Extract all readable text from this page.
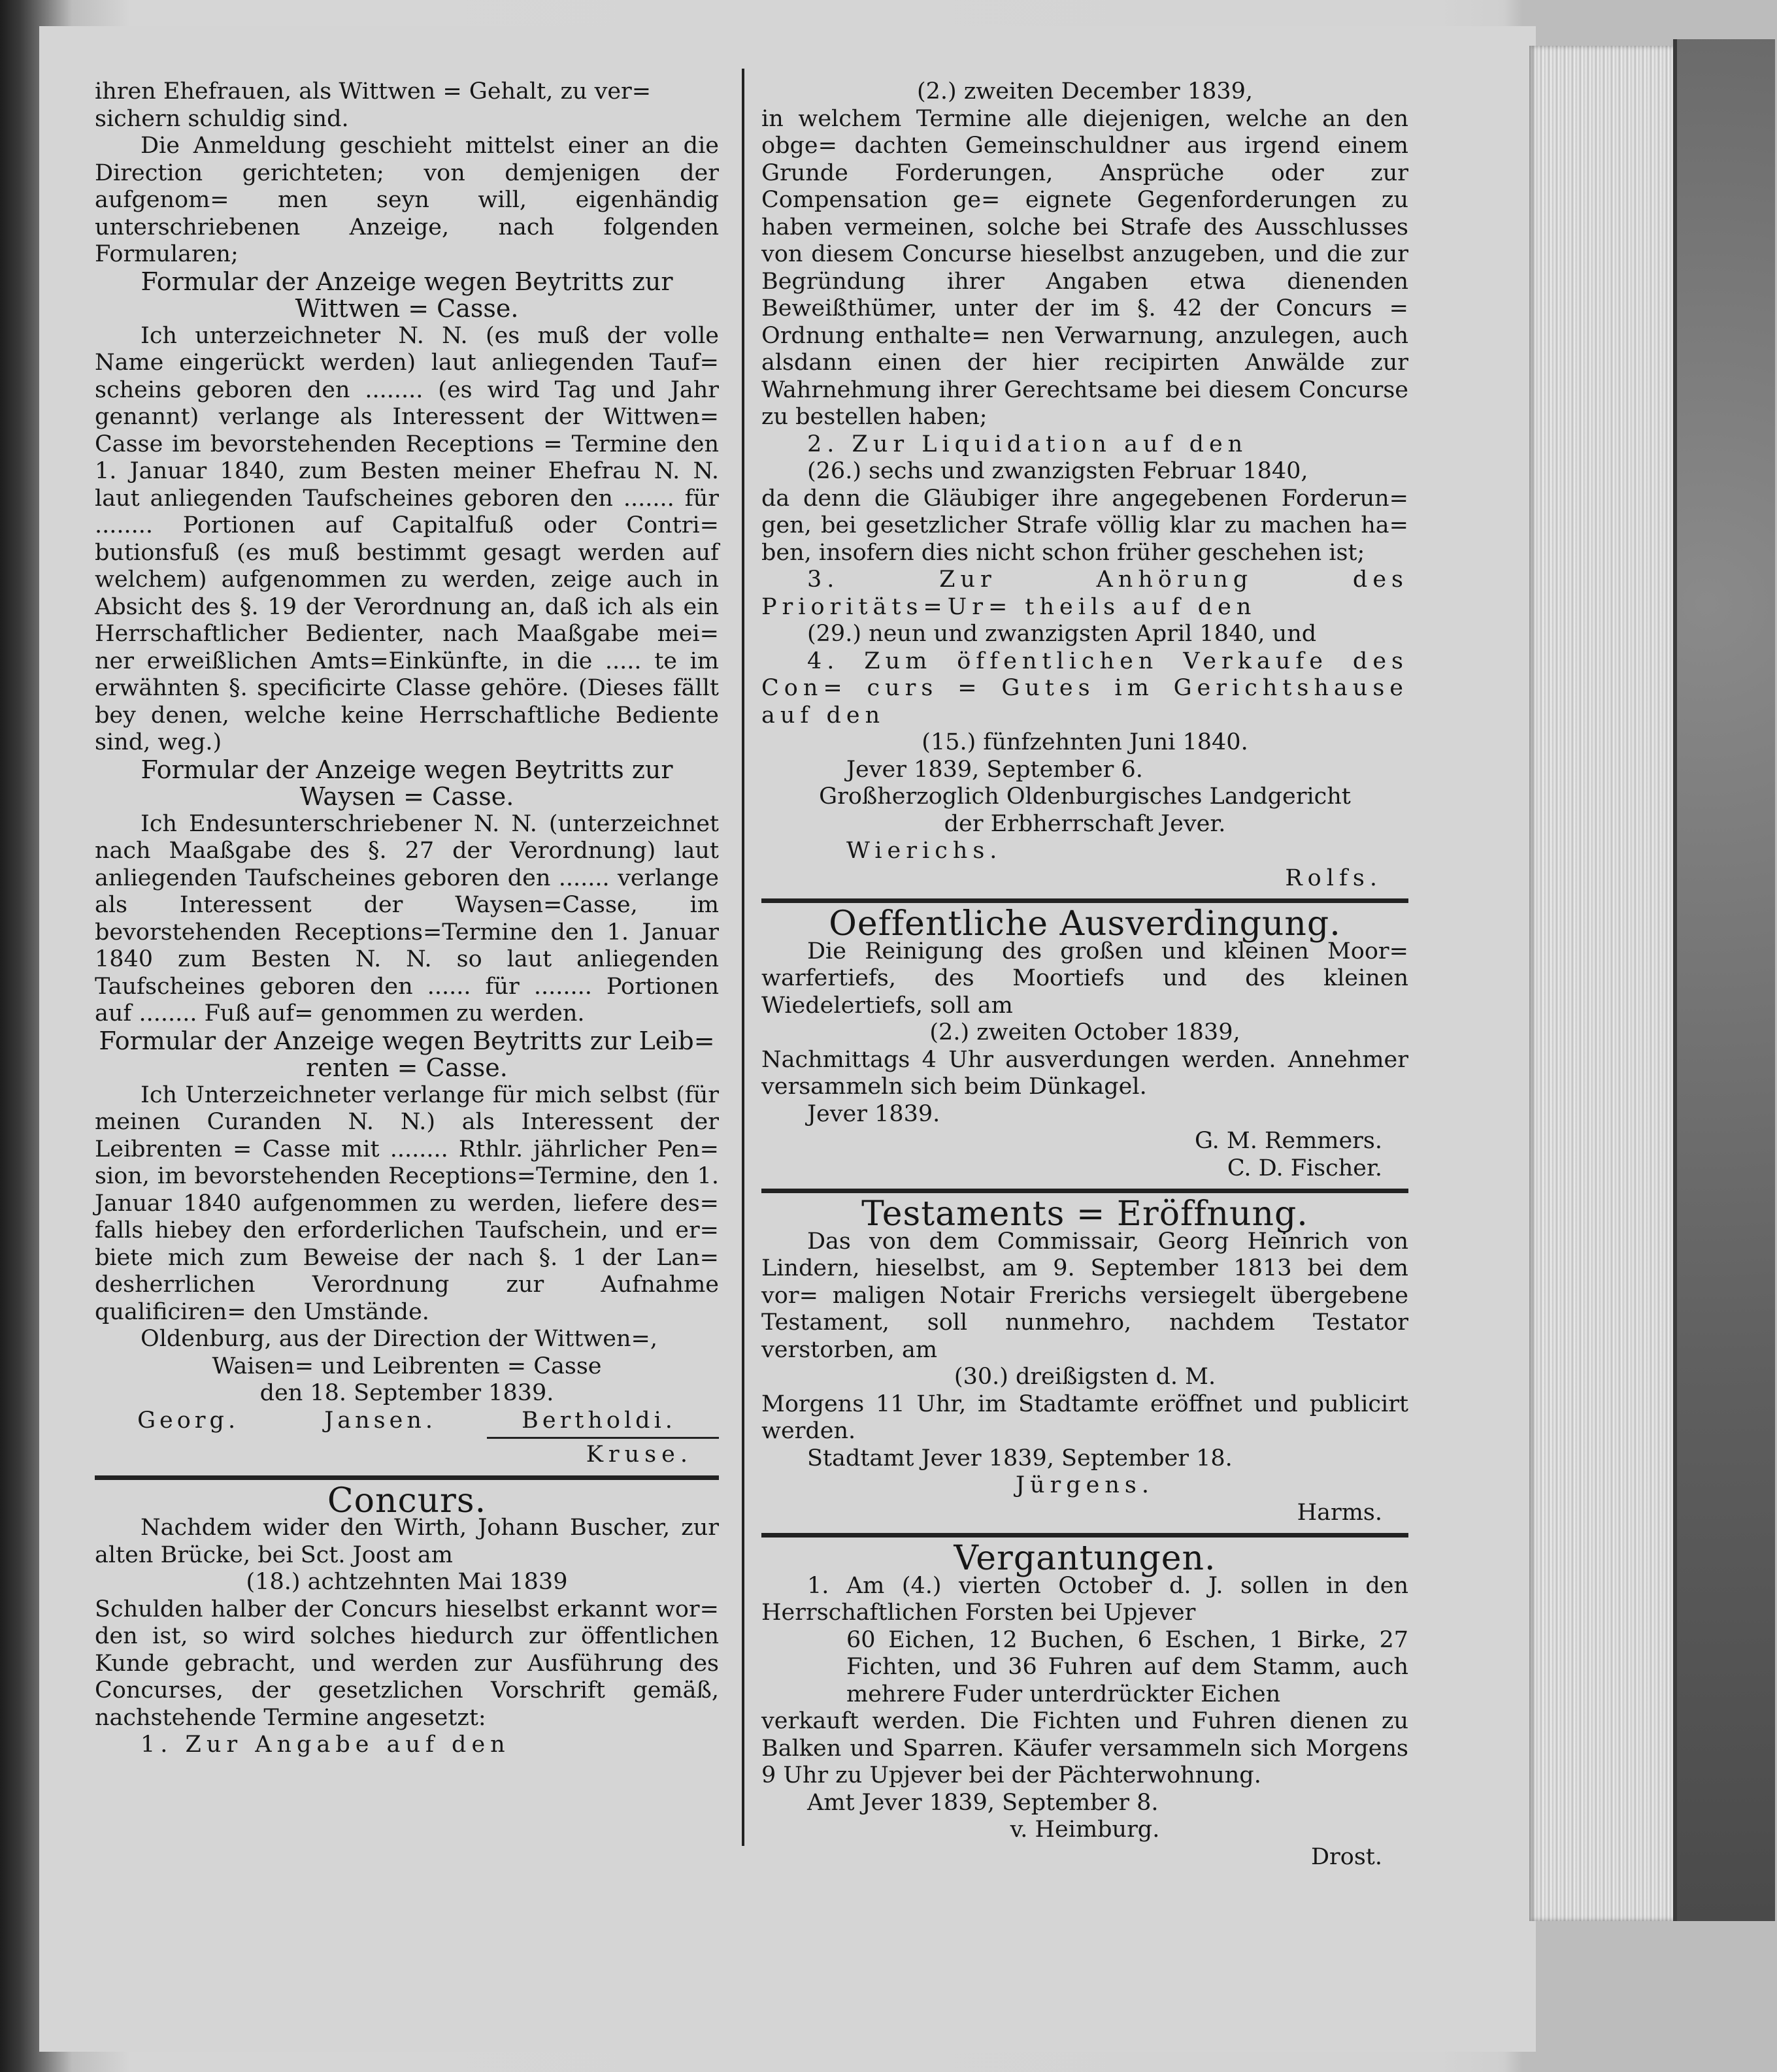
ihren Ehefrauen, als Wittwen = Gehalt, zu ver=

sichern schuldig sind.

Die Anmeldung geschieht mittelst einer an die Direction gerichteten; von demjenigen der aufgenom= men seyn will, eigenhändig unterschriebenen Anzeige, nach folgenden Formularen;

Formular der Anzeige wegen Beytritts zur

Wittwen = Casse.

Ich unterzeichneter N. N. (es muß der volle Name eingerückt werden) laut anliegenden Tauf= scheins geboren den ........ (es wird Tag und Jahr genannt) verlange als Interessent der Wittwen= Casse im bevorstehenden Receptions = Termine den 1. Januar 1840, zum Besten meiner Ehefrau N. N. laut anliegenden Taufscheines geboren den ....... für ........ Portionen auf Capitalfuß oder Contri= butionsfuß (es muß bestimmt gesagt werden auf welchem) aufgenommen zu werden, zeige auch in Absicht des §. 19 der Verordnung an, daß ich als ein Herrschaftlicher Bedienter, nach Maaßgabe mei= ner erweißlichen Amts=Einkünfte, in die ..... te im erwähnten §. specificirte Classe gehöre. (Dieses fällt bey denen, welche keine Herrschaftliche Bediente sind, weg.)

Formular der Anzeige wegen Beytritts zur

Waysen = Casse.

Ich Endesunterschriebener N. N. (unterzeichnet nach Maaßgabe des §. 27 der Verordnung) laut anliegenden Taufscheines geboren den ....... verlange als Interessent der Waysen=Casse, im bevorstehenden Receptions=Termine den 1. Januar 1840 zum Besten N. N. so laut anliegenden Taufscheines geboren den ...... für ........ Portionen auf ........ Fuß auf= genommen zu werden.

Formular der Anzeige wegen Beytritts zur Leib=

renten = Casse.

Ich Unterzeichneter verlange für mich selbst (für meinen Curanden N. N.) als Interessent der Leibrenten = Casse mit ........ Rthlr. jährlicher Pen= sion, im bevorstehenden Receptions=Termine, den 1. Januar 1840 aufgenommen zu werden, liefere des= falls hiebey den erforderlichen Taufschein, und er= biete mich zum Beweise der nach §. 1 der Lan= desherrlichen Verordnung zur Aufnahme qualificiren= den Umstände.

Oldenburg, aus der Direction der Wittwen=,

Waisen= und Leibrenten = Casse

den 18. September 1839.

Georg.	Jansen.	Bertholdi.

Kruse.

Concurs.

Nachdem wider den Wirth, Johann Buscher, zur alten Brücke, bei Sct. Joost am

(18.) achtzehnten Mai 1839

Schulden halber der Concurs hieselbst erkannt wor= den ist, so wird solches hiedurch zur öffentlichen Kunde gebracht, und werden zur Ausführung des Concurses, der gesetzlichen Vorschrift gemäß, nachstehende Termine angesetzt:

1. Zur Angabe auf den

(2.) zweiten December 1839,

in welchem Termine alle diejenigen, welche an den obge= dachten Gemeinschuldner aus irgend einem Grunde Forderungen, Ansprüche oder zur Compensation ge= eignete Gegenforderungen zu haben vermeinen, solche bei Strafe des Ausschlusses von diesem Concurse hieselbst anzugeben, und die zur Begründung ihrer Angaben etwa dienenden Beweißthümer, unter der im §. 42 der Concurs = Ordnung enthalte= nen Verwarnung, anzulegen, auch alsdann einen der hier recipirten Anwälde zur Wahrnehmung ihrer Gerechtsame bei diesem Concurse zu bestellen haben;

2. Zur Liquidation auf den

(26.) sechs und zwanzigsten Februar 1840,

da denn die Gläubiger ihre angegebenen Forderun= gen, bei gesetzlicher Strafe völlig klar zu machen ha= ben, insofern dies nicht schon früher geschehen ist;

3. Zur Anhörung des Prioritäts=Ur= theils auf den

(29.) neun und zwanzigsten April 1840, und

4. Zum öffentlichen Verkaufe des Con= curs = Gutes im Gerichtshause auf den

(15.) fünfzehnten Juni 1840.

Jever 1839, September 6.

Großherzoglich Oldenburgisches Landgericht

der Erbherrschaft Jever.

Wierichs.

Rolfs.

Oeffentliche Ausverdingung.

Die Reinigung des großen und kleinen Moor= warfertiefs, des Moortiefs und des kleinen Wiedelertiefs, soll am

(2.) zweiten October 1839,

Nachmittags 4 Uhr ausverdungen werden. Annehmer versammeln sich beim Dünkagel.

Jever 1839.

G. M. Remmers.

C. D. Fischer.

Testaments = Eröffnung.

Das von dem Commissair, Georg Heinrich von Lindern, hieselbst, am 9. September 1813 bei dem vor= maligen Notair Frerichs versiegelt übergebene Testament, soll nunmehro, nachdem Testator verstorben, am

(30.) dreißigsten d. M.

Morgens 11 Uhr, im Stadtamte eröffnet und publicirt werden.

Stadtamt Jever 1839, September 18.

Jürgens.

Harms.

Vergantungen.

1. Am (4.) vierten October d. J. sollen in den Herrschaftlichen Forsten bei Upjever

60 Eichen, 12 Buchen, 6 Eschen, 1 Birke, 27 Fichten, und 36 Fuhren auf dem Stamm, auch mehrere Fuder unterdrückter Eichen

verkauft werden. Die Fichten und Fuhren dienen zu Balken und Sparren. Käufer versammeln sich Morgens 9 Uhr zu Upjever bei der Pächterwohnung.

Amt Jever 1839, September 8.

v. Heimburg.

Drost.
